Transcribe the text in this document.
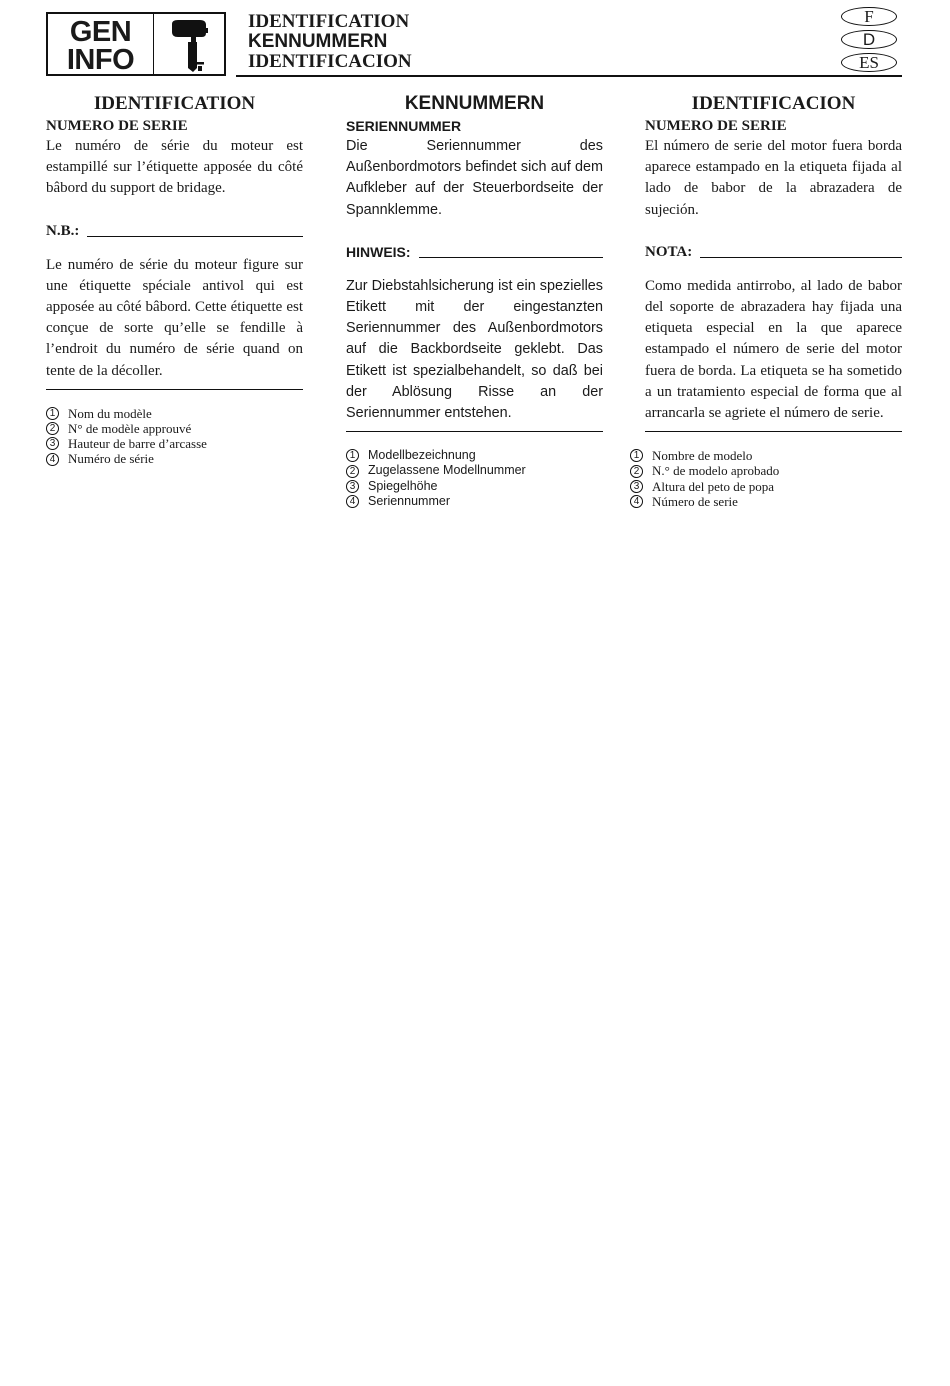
GEN
INFO
IDENTIFICATION
KENNUMMERN
IDENTIFICACION
F
D
ES
IDENTIFICATION
NUMERO DE SERIE

Le numéro de série du moteur est estampillé sur l’étiquette apposée du côté bâbord du support de bridage.

N.B.:

Le numéro de série du moteur figure sur une étiquette spéciale antivol qui est apposée au côté bâbord. Cette étiquette est conçue de sorte qu’elle se fendille à l’endroit du numéro de série quand on tente de la décoller.

1 Nom du modèle
2 N° de modèle approuvé
3 Hauteur de barre d’arcasse
4 Numéro de série
KENNUMMERN
SERIENNUMMER

Die Seriennummer des Außenbordmotors befindet sich auf dem Aufkleber auf der Steuerbordseite der Spannklemme.

HINWEIS:

Zur Diebstahlsicherung ist ein spezielles Etikett mit der eingestanzten Seriennummer des Außenbordmotors auf die Backbordseite geklebt. Das Etikett ist spezialbehandelt, so daß bei der Ablösung Risse an der Seriennummer entstehen.

1 Modellbezeichnung
2 Zugelassene Modellnummer
3 Spiegelhöhe
4 Seriennummer
IDENTIFICACION
NUMERO DE SERIE

El número de serie del motor fuera borda aparece estampado en la etiqueta fijada al lado de babor de la abrazadera de sujeción.

NOTA:

Como medida antirrobo, al lado de babor del soporte de abrazadera hay fijada una etiqueta especial en la que aparece estampado el número de serie del motor fuera de borda. La etiqueta se ha sometido a un tratamiento especial de forma que al arrancarla se agriete el número de serie.

1 Nombre de modelo
2 N.° de modelo aprobado
3 Altura del peto de popa
4 Número de serie
